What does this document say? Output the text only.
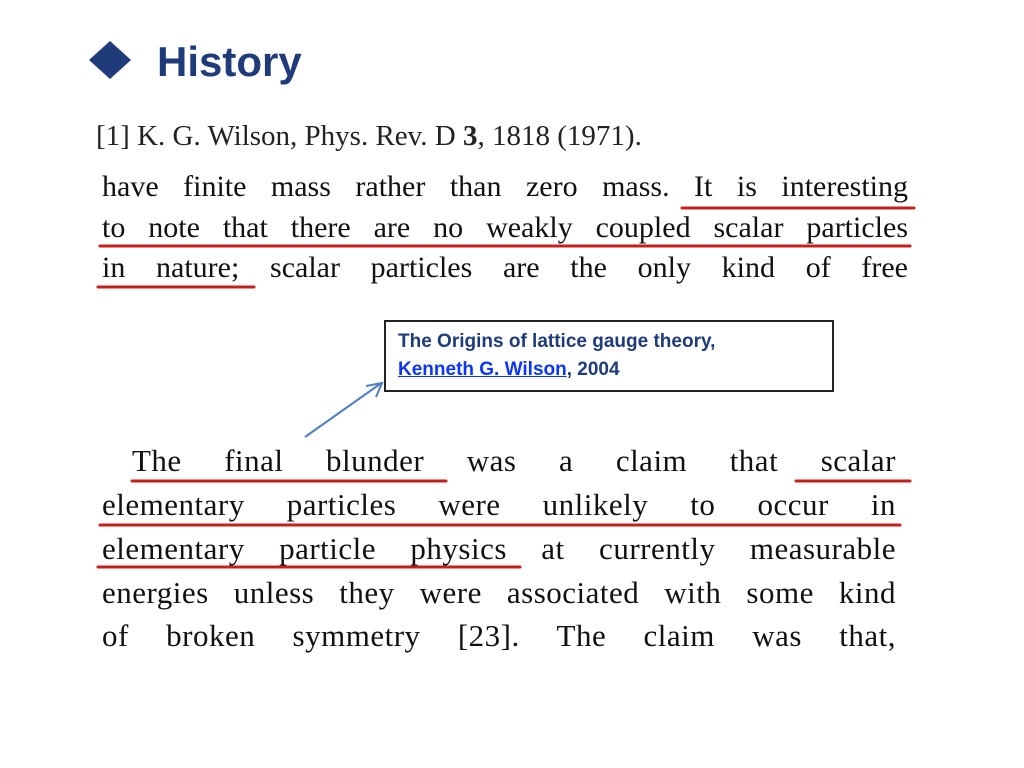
History
[1] K. G. Wilson, Phys. Rev. D 3, 1818 (1971).
have finite mass rather than zero mass. It is interesting
to note that there are no weakly coupled scalar particles
in nature; scalar particles are the only kind of free
The final blunder was a claim that scalar
elementary particles were unlikely to occur in
elementary particle physics at currently measurable
energies unless they were associated with some kind
of broken symmetry [23]. The claim was that,
The Origins of lattice gauge theory,
Kenneth G. Wilson, 2004
